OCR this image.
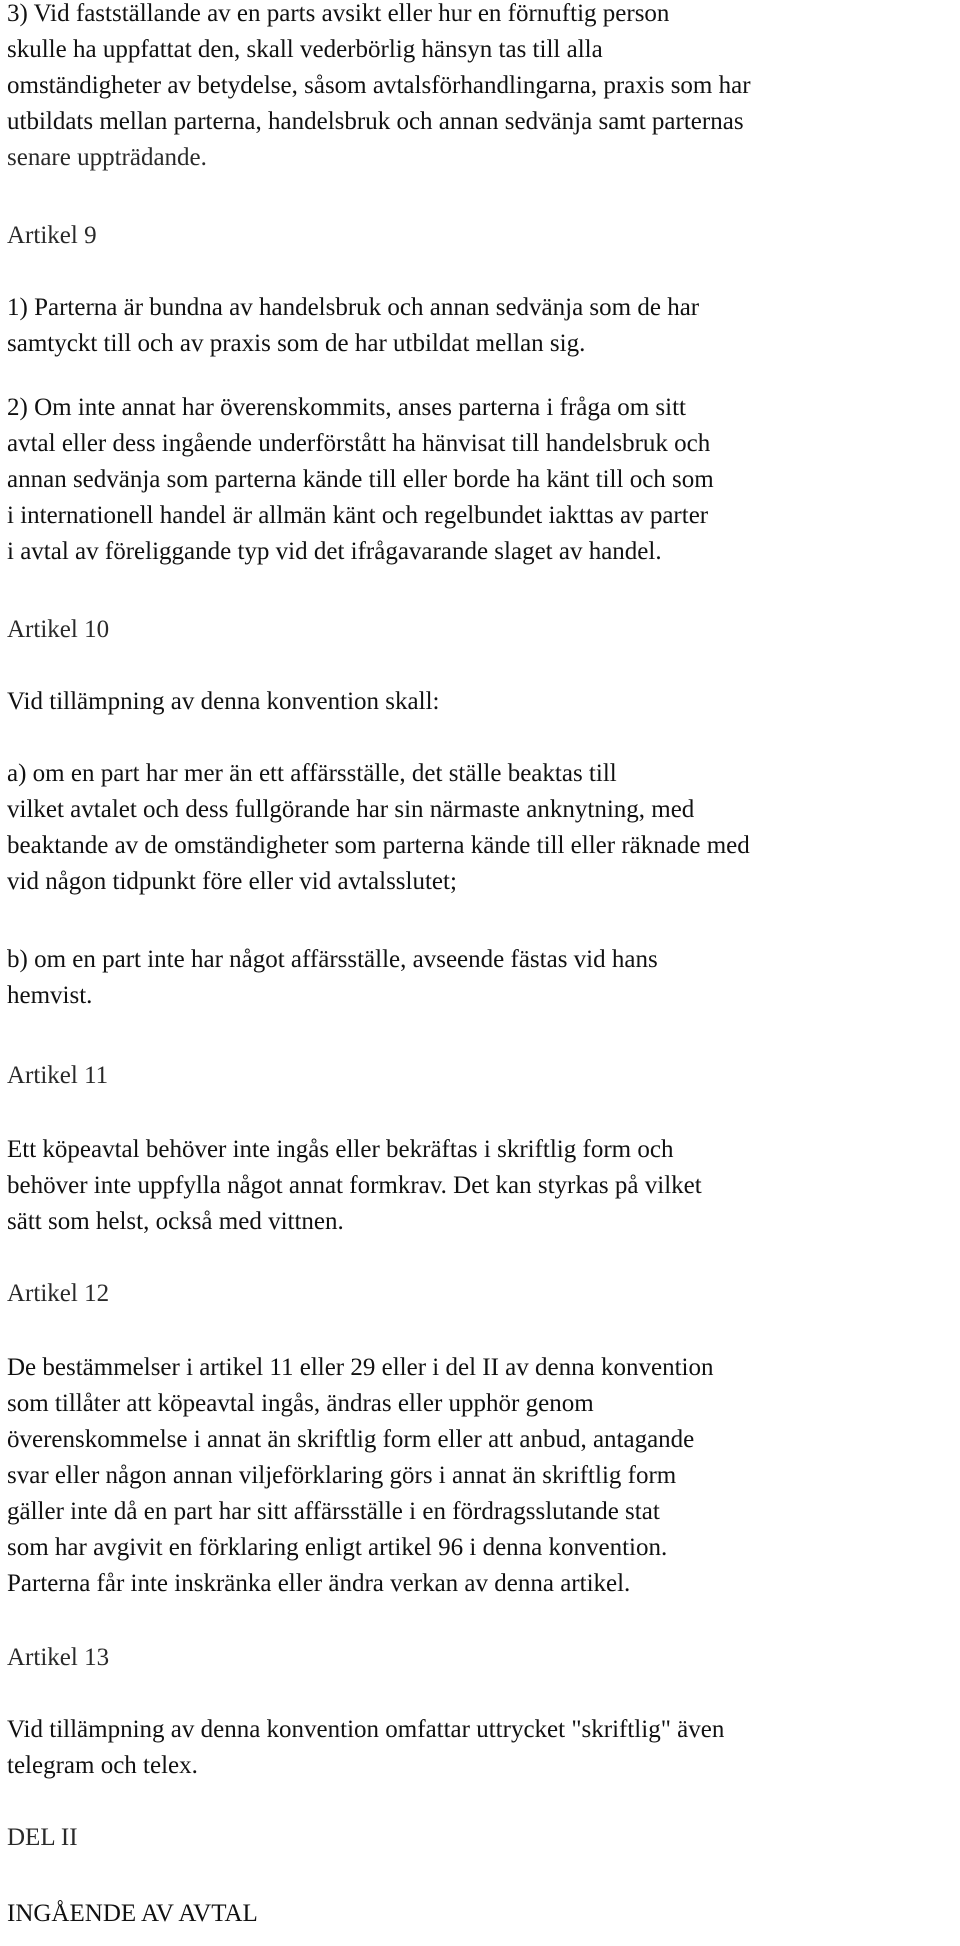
3) Vid fastställande av en parts avsikt eller hur en förnuftig person
skulle ha uppfattat den, skall vederbörlig hänsyn tas till alla
omständigheter av betydelse, såsom avtalsförhandlingarna, praxis som har
utbildats mellan parterna, handelsbruk och annan sedvänja samt parternas
senare uppträdande.
Artikel 9
1) Parterna är bundna av handelsbruk och annan sedvänja som de har
samtyckt till och av praxis som de har utbildat mellan sig.
2) Om inte annat har överenskommits, anses parterna i fråga om sitt
avtal eller dess ingående underförstått ha hänvisat till handelsbruk och
annan sedvänja som parterna kände till eller borde ha känt till och som
i internationell handel är allmän känt och regelbundet iakttas av parter
i avtal av föreliggande typ vid det ifrågavarande slaget av handel.
Artikel 10
Vid tillämpning av denna konvention skall:
a) om en part har mer än ett affärsställe, det ställe beaktas till
vilket avtalet och dess fullgörande har sin närmaste anknytning, med
beaktande av de omständigheter som parterna kände till eller räknade med
vid någon tidpunkt före eller vid avtalsslutet;
b) om en part inte har något affärsställe, avseende fästas vid hans
hemvist.
Artikel 11
Ett köpeavtal behöver inte ingås eller bekräftas i skriftlig form och
behöver inte uppfylla något annat formkrav. Det kan styrkas på vilket
sätt som helst, också med vittnen.
Artikel 12
De bestämmelser i artikel 11 eller 29 eller i del II av denna konvention
som tillåter att köpeavtal ingås, ändras eller upphör genom
överenskommelse i annat än skriftlig form eller att anbud, antagande
svar eller någon annan viljeförklaring görs i annat än skriftlig form
gäller inte då en part har sitt affärsställe i en fördragsslutande stat
som har avgivit en förklaring enligt artikel 96 i denna konvention.
Parterna får inte inskränka eller ändra verkan av denna artikel.
Artikel 13
Vid tillämpning av denna konvention omfattar uttrycket "skriftlig" även
telegram och telex.
DEL II
INGÅENDE AV AVTAL
